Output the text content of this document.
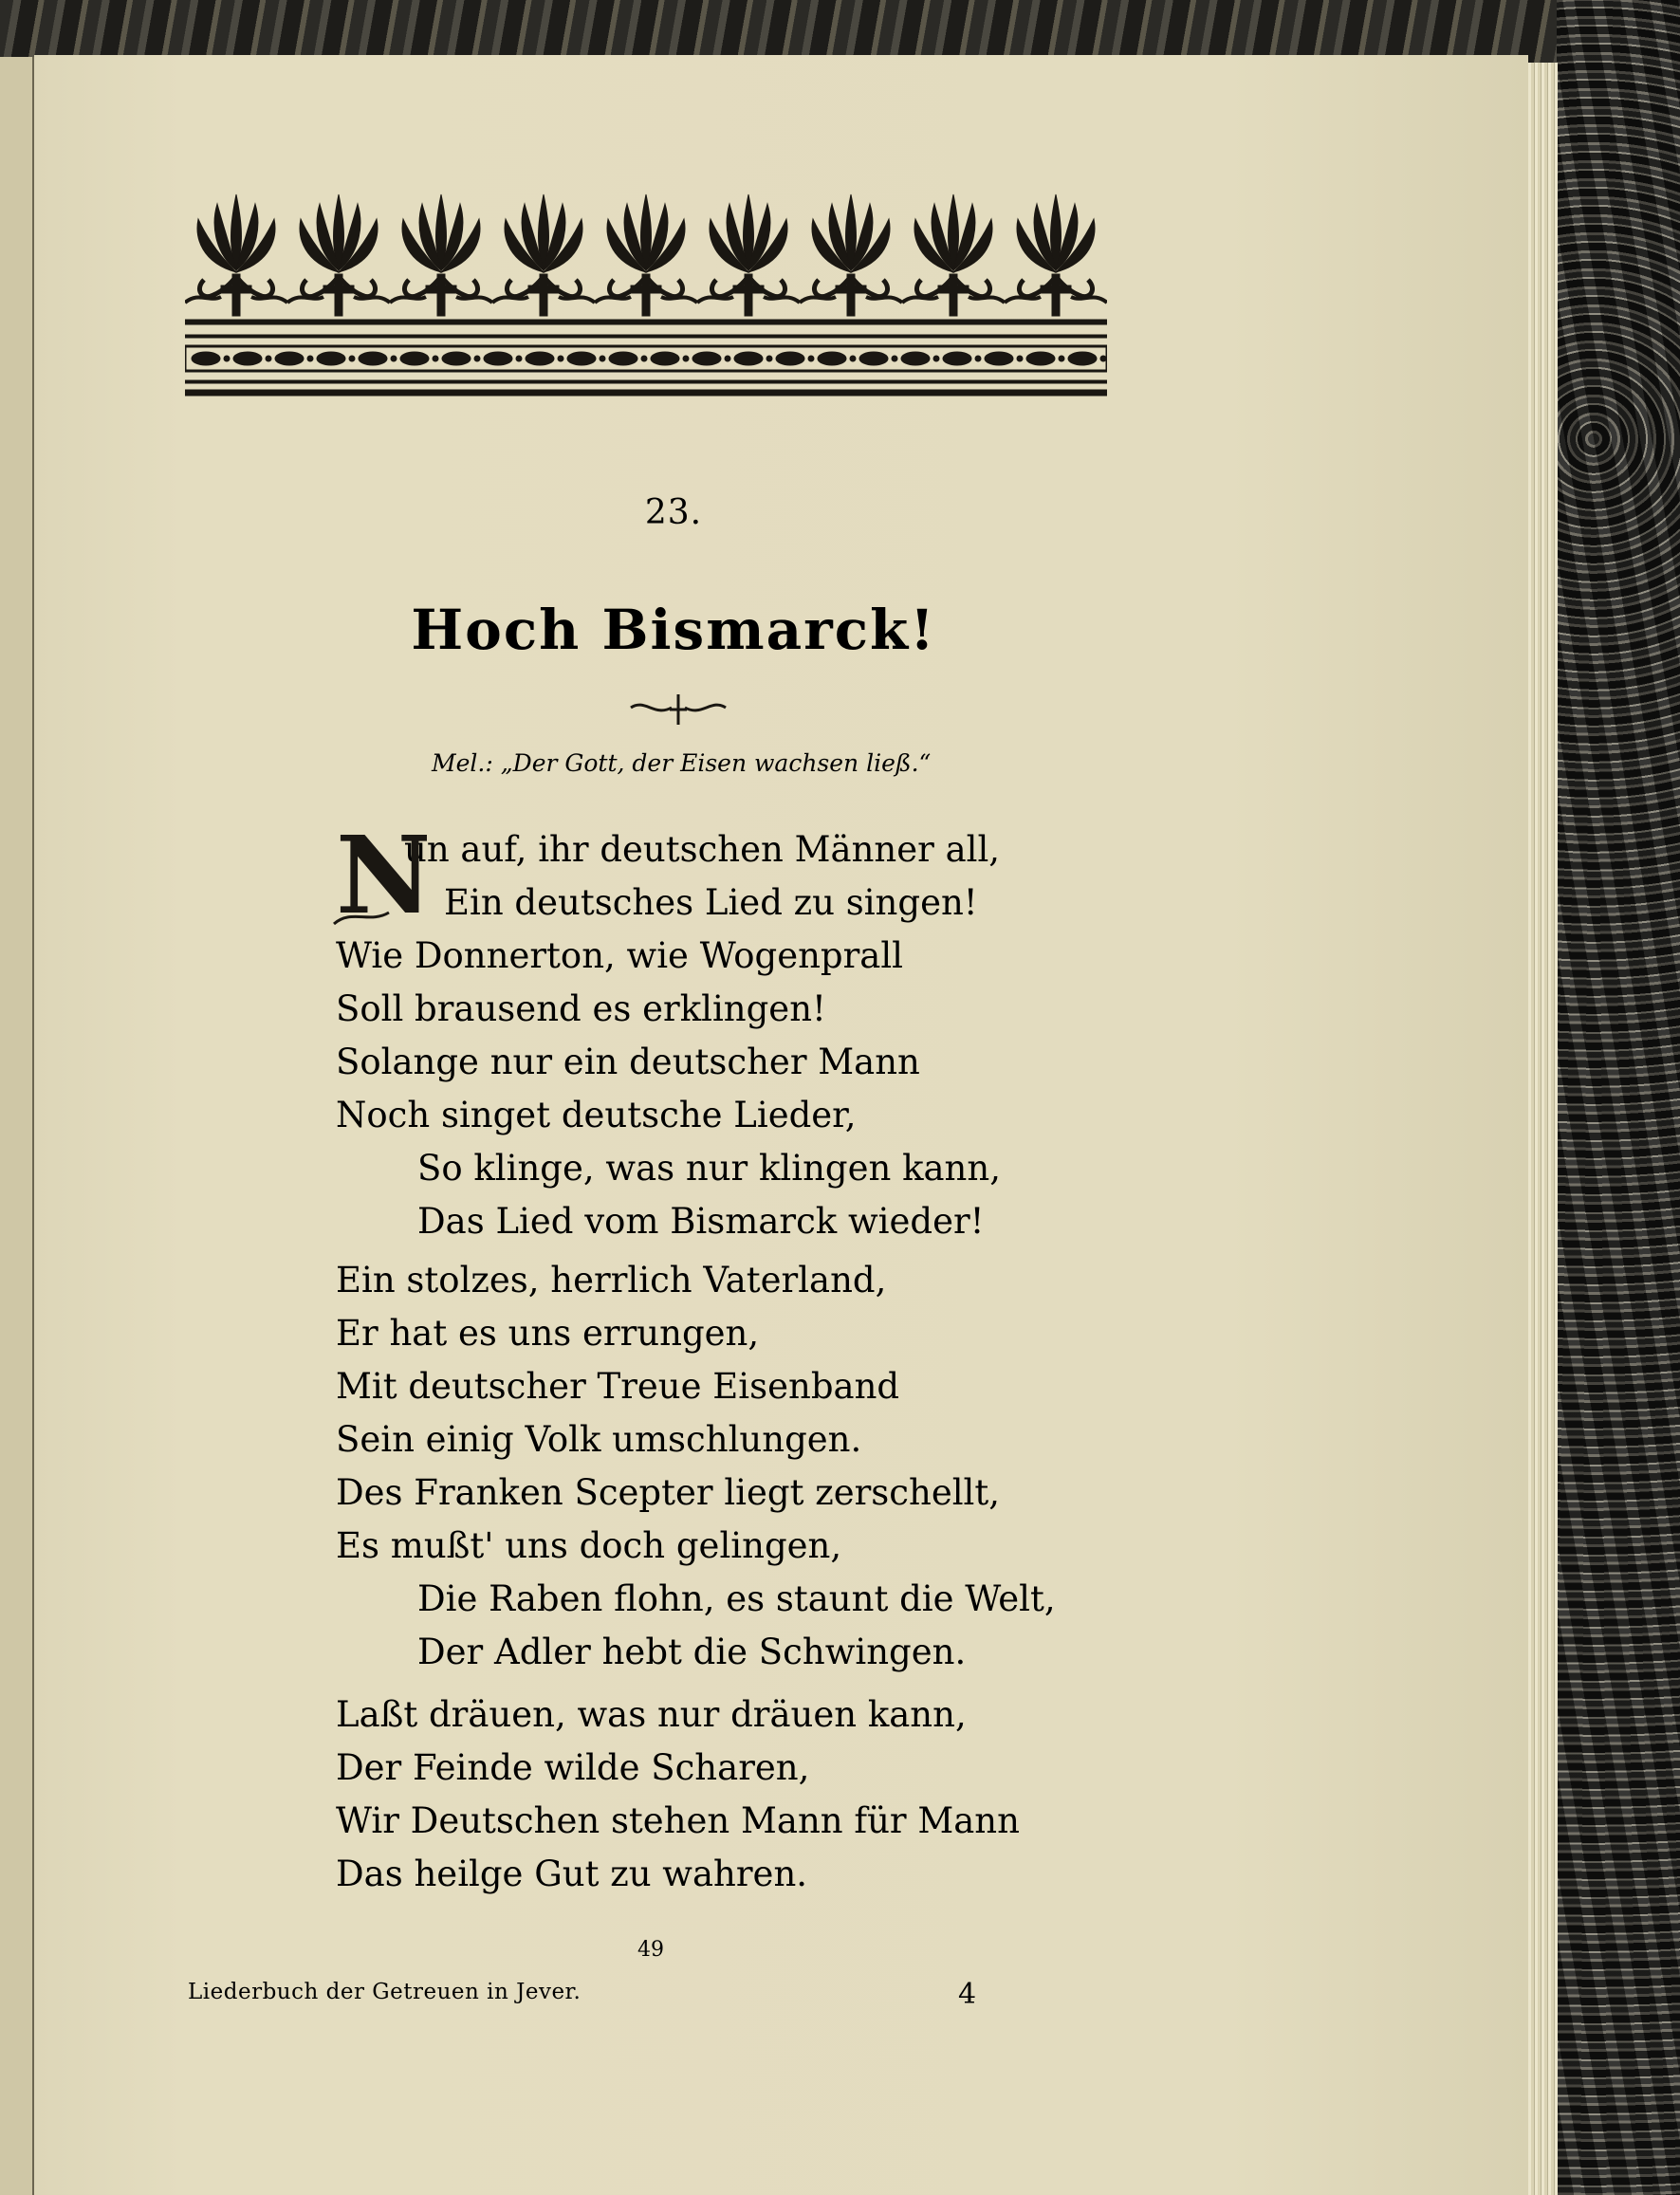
23.
Hoch Bismarck!
Mel.: „Der Gott, der Eisen wachsen ließ.“
N
un auf, ihr deutschen Männer all,
Ein deutsches Lied zu singen!
Wie Donnerton, wie Wogenprall
Soll brausend es erklingen!
Solange nur ein deutscher Mann
Noch singet deutsche Lieder,
So klinge, was nur klingen kann,
Das Lied vom Bismarck wieder!
Ein stolzes, herrlich Vaterland,
Er hat es uns errungen,
Mit deutscher Treue Eisenband
Sein einig Volk umschlungen.
Des Franken Scepter liegt zerschellt,
Es mußt' uns doch gelingen,
Die Raben flohn, es staunt die Welt,
Der Adler hebt die Schwingen.
Laßt dräuen, was nur dräuen kann,
Der Feinde wilde Scharen,
Wir Deutschen stehen Mann für Mann
Das heilge Gut zu wahren.
49
Liederbuch der Getreuen in Jever.	4
